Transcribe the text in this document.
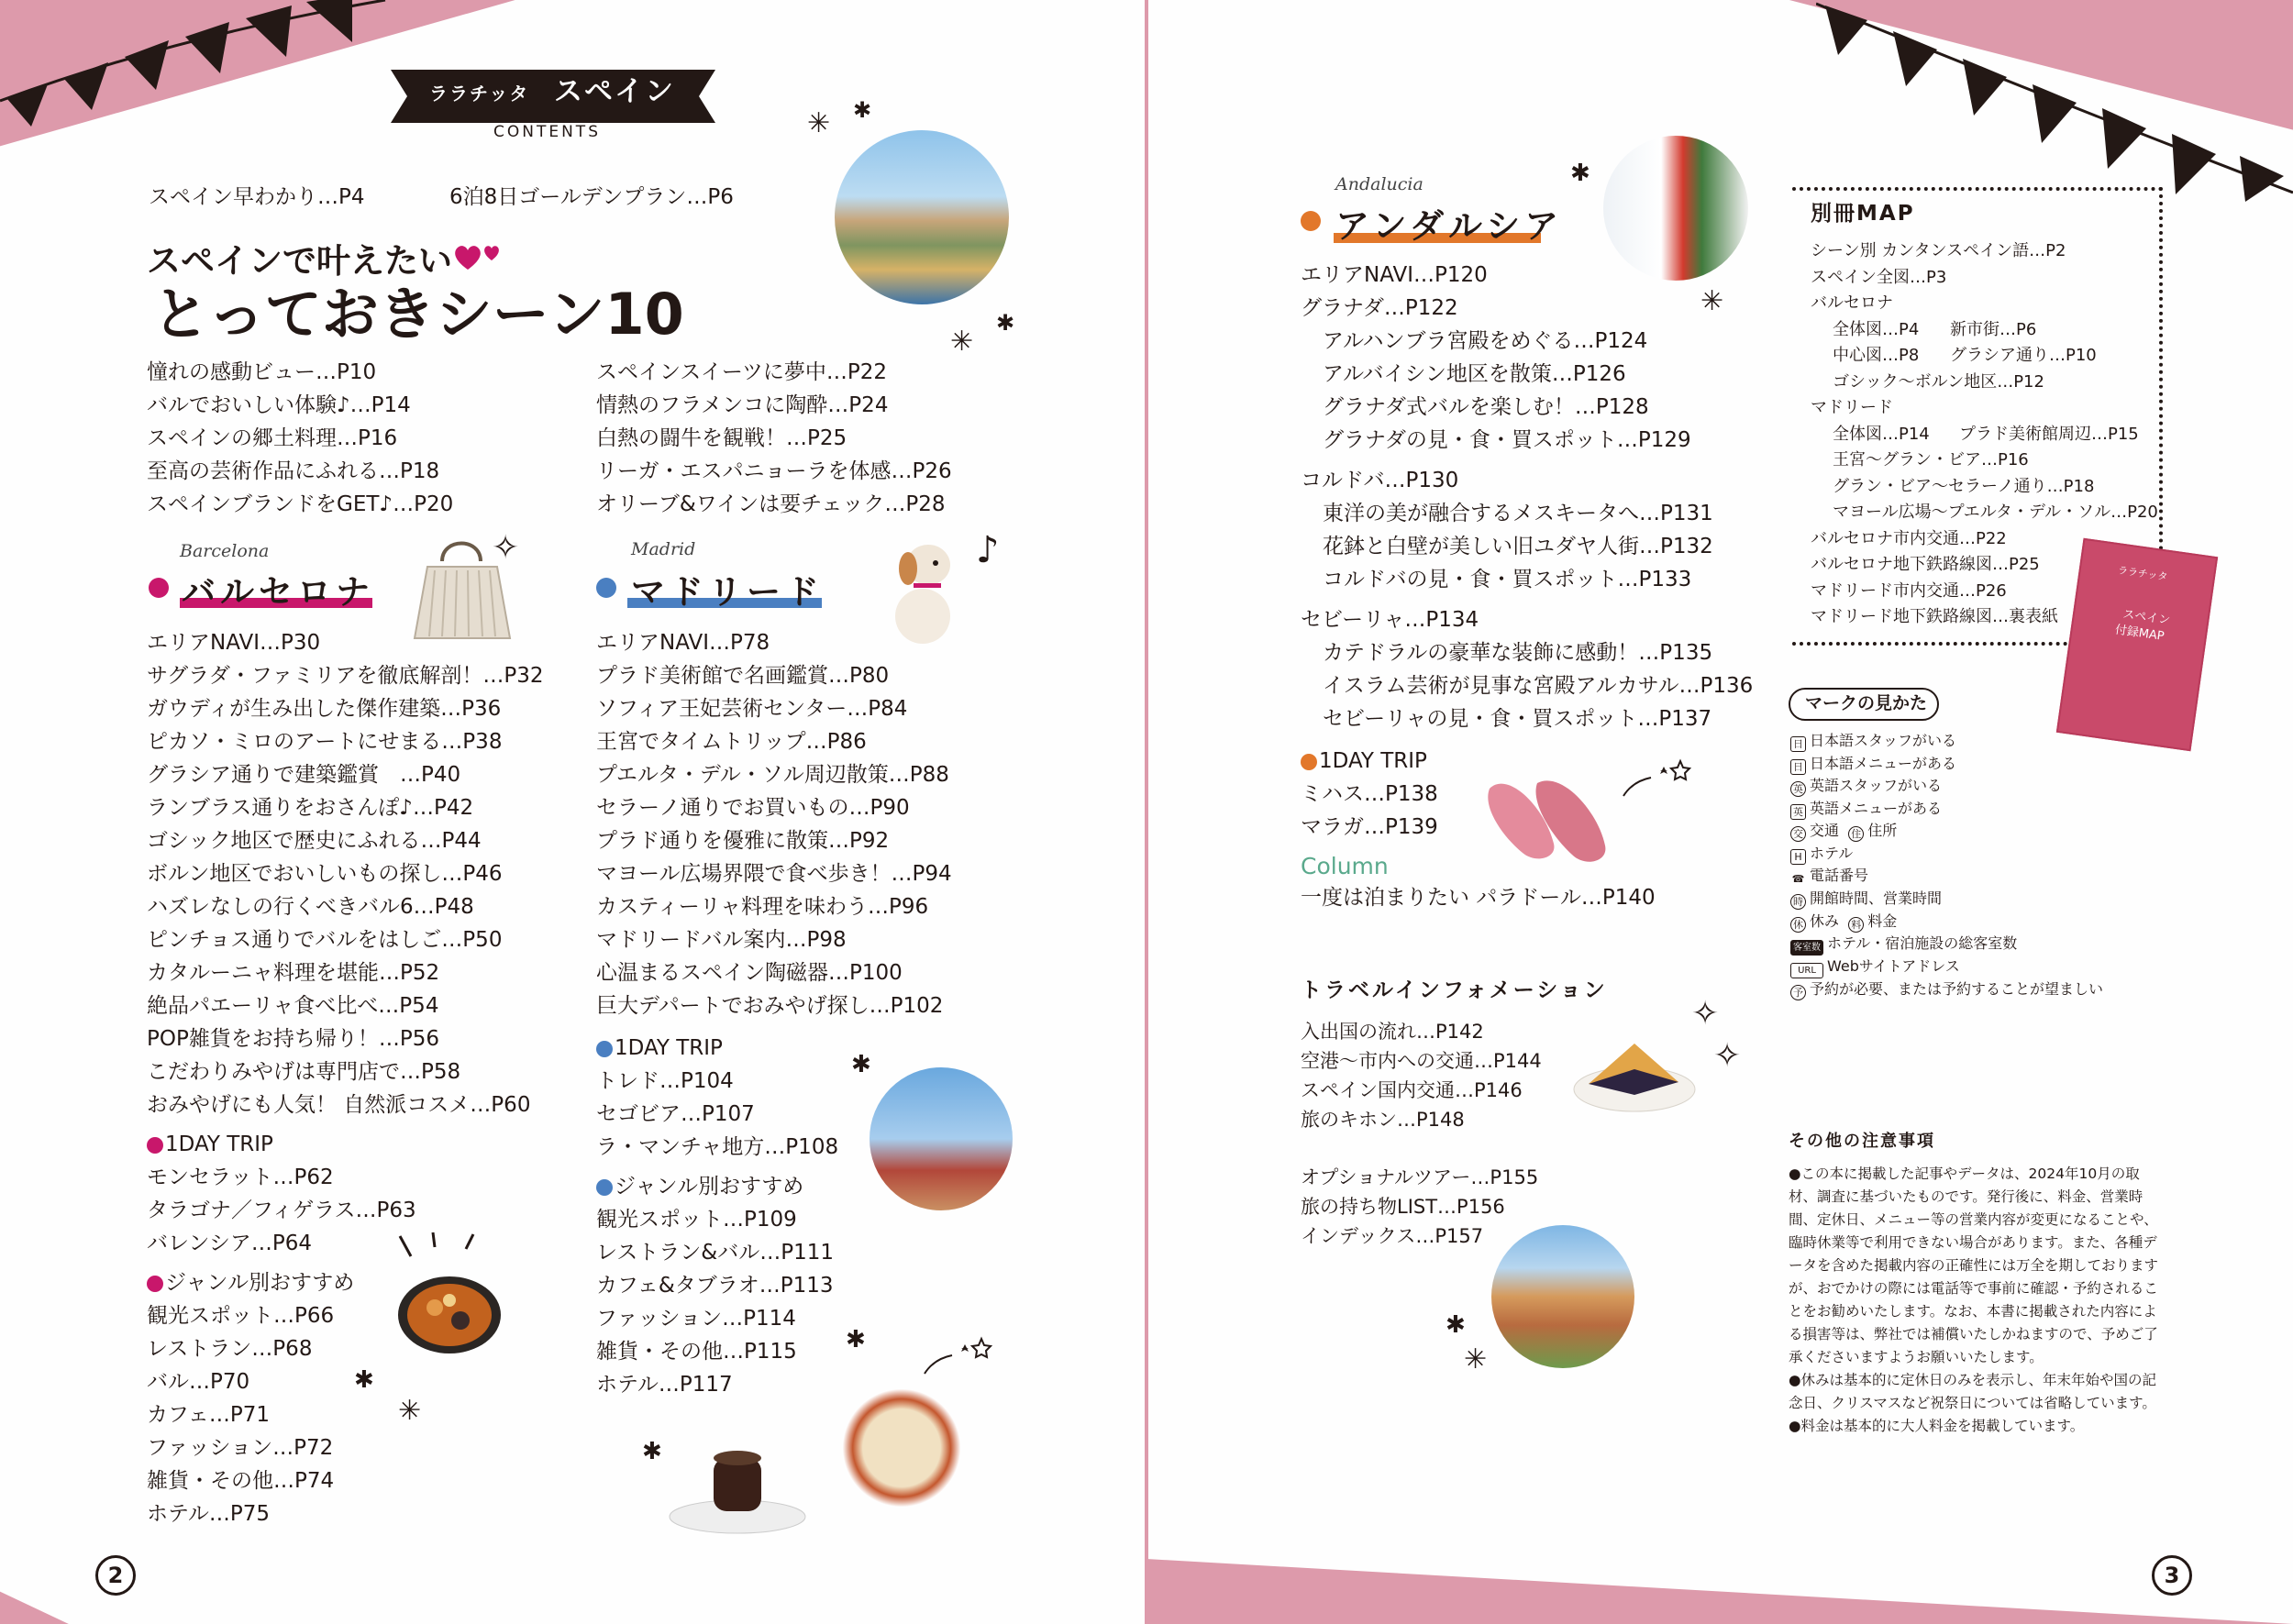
ララチッタ スペイン
CONTENTS
スペイン早わかり…P4	6泊8日ゴールデンプラン…P6
スペインで叶えたい
とっておきシーン10
憧れの感動ビュー…P10
バルでおいしい体験♪…P14
スペインの郷土料理…P16
至高の芸術作品にふれる…P18
スペインブランドをGET♪…P20
スペインスイーツに夢中…P22
情熱のフラメンコに陶酔…P24
白熱の闘牛を観戦！…P25
リーガ・エスパニョーラを体感…P26
オリーブ&ワインは要チェック…P28
✳ ✱
✳
✱
Barcelona
バルセロナ
✧
エリアNAVI…P30
サグラダ・ファミリアを徹底解剖！…P32
ガウディが生み出した傑作建築…P36
ピカソ・ミロのアートにせまる…P38
グラシア通りで建築鑑賞　…P40
ランブラス通りをおさんぽ♪…P42
ゴシック地区で歴史にふれる…P44
ボルン地区でおいしいもの探し…P46
ハズレなしの行くべきバル6…P48
ピンチョス通りでバルをはしご…P50
カタルーニャ料理を堪能…P52
絶品パエーリャ食べ比べ…P54
POP雑貨をお持ち帰り！…P56
こだわりみやげは専門店で…P58
おみやげにも人気！ 自然派コスメ…P60
1DAY TRIP
モンセラット…P62
タラゴナ／フィゲラス…P63
バレンシア…P64
ジャンル別おすすめ
観光スポット…P66
レストラン…P68
バル…P70
カフェ…P71
ファッション…P72
雑貨・その他…P74
ホテル…P75
✱
✳
Madrid
マドリード
♪
エリアNAVI…P78
プラド美術館で名画鑑賞…P80
ソフィア王妃芸術センター…P84
王宮でタイムトリップ…P86
プエルタ・デル・ソル周辺散策…P88
セラーノ通りでお買いもの…P90
プラド通りを優雅に散策…P92
マヨール広場界隈で食べ歩き！…P94
カスティーリャ料理を味わう…P96
マドリードバル案内…P98
心温まるスペイン陶磁器…P100
巨大デパートでおみやげ探し…P102
1DAY TRIP
トレド…P104
セゴビア…P107
ラ・マンチャ地方…P108
ジャンル別おすすめ
観光スポット…P109
レストラン&バル…P111
カフェ&タブラオ…P113
ファッション…P114
雑貨・その他…P115
ホテル…P117
✱
✱
✱
2
Andalucia
アンダルシア
✱
✳
エリアNAVI…P120
グラナダ…P122
アルハンブラ宮殿をめぐる…P124
アルバイシン地区を散策…P126
グラナダ式バルを楽しむ！…P128
グラナダの見・食・買スポット…P129
コルドバ…P130
東洋の美が融合するメスキータへ…P131
花鉢と白壁が美しい旧ユダヤ人街…P132
コルドバの見・食・買スポット…P133
セビーリャ…P134
カテドラルの豪華な装飾に感動！…P135
イスラム芸術が見事な宮殿アルカサル…P136
セビーリャの見・食・買スポット…P137
1DAY TRIP
ミハス…P138
マラガ…P139
Column
一度は泊まりたい パラドール…P140
トラベルインフォメーション
入出国の流れ…P142
空港〜市内への交通…P144
スペイン国内交通…P146
旅のキホン…P148
オプショナルツアー…P155
旅の持ち物LIST…P156
インデックス…P157
✧
✧
✱
✳
別冊MAP
シーン別 カンタンスペイン語…P2
スペイン全図…P3
バルセロナ
全体図…P4 新市街…P6
中心図…P8 グラシア通り…P10
ゴシック〜ボルン地区…P12
マドリード
全体図…P14 プラド美術館周辺…P15
王宮〜グラン・ビア…P16
グラン・ビア〜セラーノ通り…P18
マヨール広場〜プエルタ・デル・ソル…P20
バルセロナ市内交通…P22
バルセロナ地下鉄路線図…P25
マドリード市内交通…P26
マドリード地下鉄路線図…裏表紙
ララチッタ
スペイン
付録MAP
マークの見かた
日 日本語スタッフがいる
日 日本語メニューがある
英 英語スタッフがいる
英 英語メニューがある
交 交通 住 住所
H ホテル
☎ 電話番号
時 開館時間、営業時間
休 休み 料 料金
客室数 ホテル・宿泊施設の総客室数
URL Webサイトアドレス
予 予約が必要、または予約することが望ましい
その他の注意事項

●この本に掲載した記事やデータは、2024年10月の取材、調査に基づいたものです。発行後に、料金、営業時間、定休日、メニュー等の営業内容が変更になることや、臨時休業等で利用できない場合があります。また、各種データを含めた掲載内容の正確性には万全を期しておりますが、おでかけの際には電話等で事前に確認・予約されることをお勧めいたします。なお、本書に掲載された内容による損害等は、弊社では補償いたしかねますので、予めご了承くださいますようお願いいたします。

●休みは基本的に定休日のみを表示し、年末年始や国の記念日、クリスマスなど祝祭日については省略しています。

●料金は基本的に大人料金を掲載しています。

3
